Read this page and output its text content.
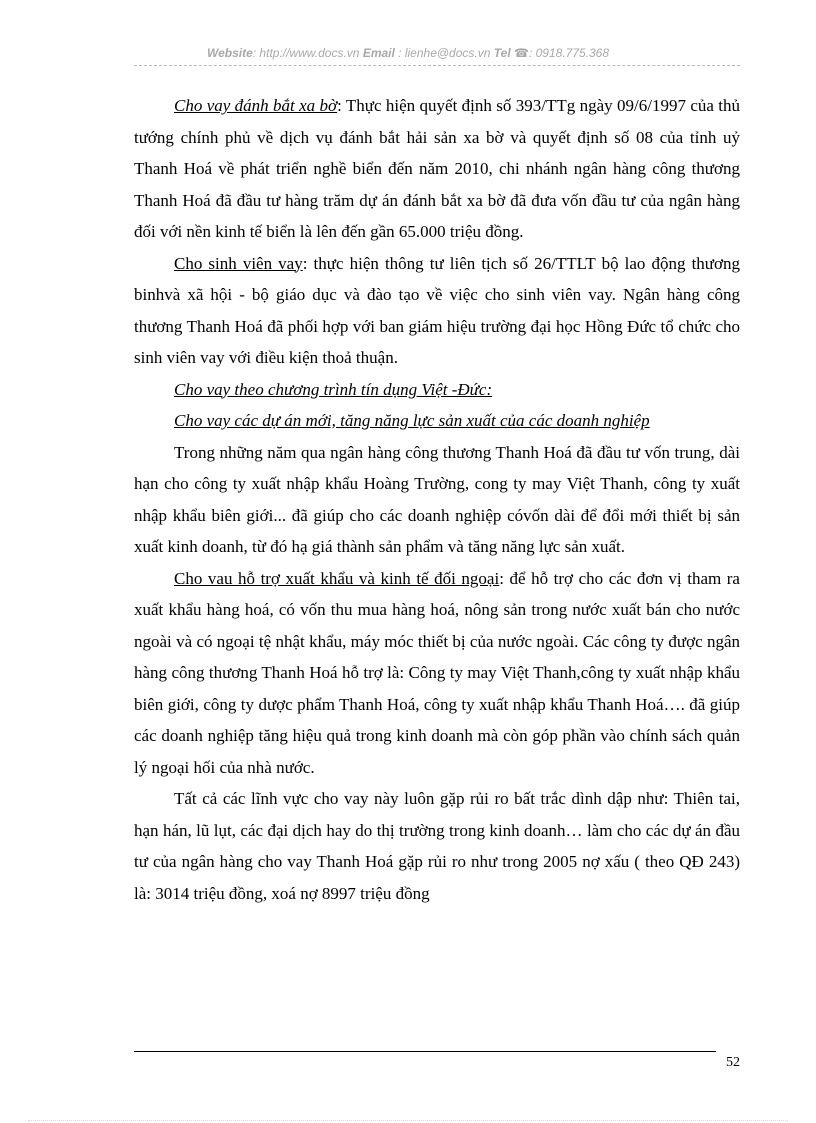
Website: http://www.docs.vn Email : lienhe@docs.vn Tel ☎: 0918.775.368

Cho vay đánh bắt xa bờ: Thực hiện quyết định số 393/TTg ngày 09/6/1997 của thủ tướng chính phủ về dịch vụ đánh bắt hải sản xa bờ và quyết định số 08 của tỉnh uỷ Thanh Hoá về phát triển nghề biển đến năm 2010, chi nhánh ngân hàng công thương Thanh Hoá đã đầu tư hàng trăm dự án đánh bắt xa bờ đã đưa vốn đầu tư của ngân hàng đối với nền kinh tế biển là lên đến gần 65.000 triệu đồng.

Cho sinh viên vay: thực hiện thông tư liên tịch số 26/TTLT bộ lao động thương binhvà xã hội - bộ giáo dục và đào tạo về việc cho sinh viên vay. Ngân hàng công thương Thanh Hoá đã phối hợp với ban giám hiệu trường đại học Hồng Đức tổ chức cho sinh viên vay với điều kiện thoả thuận.

Cho vay theo chương trình tín dụng Việt -Đức:

Cho vay các dự án mới, tăng năng lực sản xuất của các doanh nghiệp

Trong những năm qua ngân hàng công thương Thanh Hoá đã đầu tư vốn trung, dài hạn cho công ty xuất nhập khẩu Hoàng Trường, cong ty may Việt Thanh, công ty xuất nhập khẩu biên giới... đã giúp cho các doanh nghiệp cóvốn dài để đổi mới thiết bị sản xuất kinh doanh, từ đó hạ giá thành sản phẩm và tăng năng lực sản xuất.

Cho vau hỗ trợ xuất khẩu và kinh tế đối ngoại: để hỗ trợ cho các đơn vị tham ra xuất khẩu hàng hoá, có vốn thu mua hàng hoá, nông sản trong nước xuất bán cho nước ngoài và có ngoại tệ nhật khẩu, máy móc thiết bị của nước ngoài. Các công ty được ngân hàng công thương Thanh Hoá hỗ trợ là: Công ty may Việt Thanh,công ty xuất nhập khẩu biên giới, công ty dược phẩm Thanh Hoá, công ty xuất nhập khẩu Thanh Hoá…. đã giúp các doanh nghiệp tăng hiệu quả trong kinh doanh mà còn góp phần vào chính sách quản lý ngoại hối của nhà nước.

Tất cả các lĩnh vực cho vay này luôn gặp rủi ro bất trắc dình dập như: Thiên tai, hạn hán, lũ lụt, các đại dịch hay do thị trường trong kinh doanh… làm cho các dự án đầu tư của ngân hàng cho vay Thanh Hoá gặp rủi ro như trong 2005 nợ xấu ( theo QĐ 243) là: 3014 triệu đồng, xoá nợ 8997 triệu đồng

52
